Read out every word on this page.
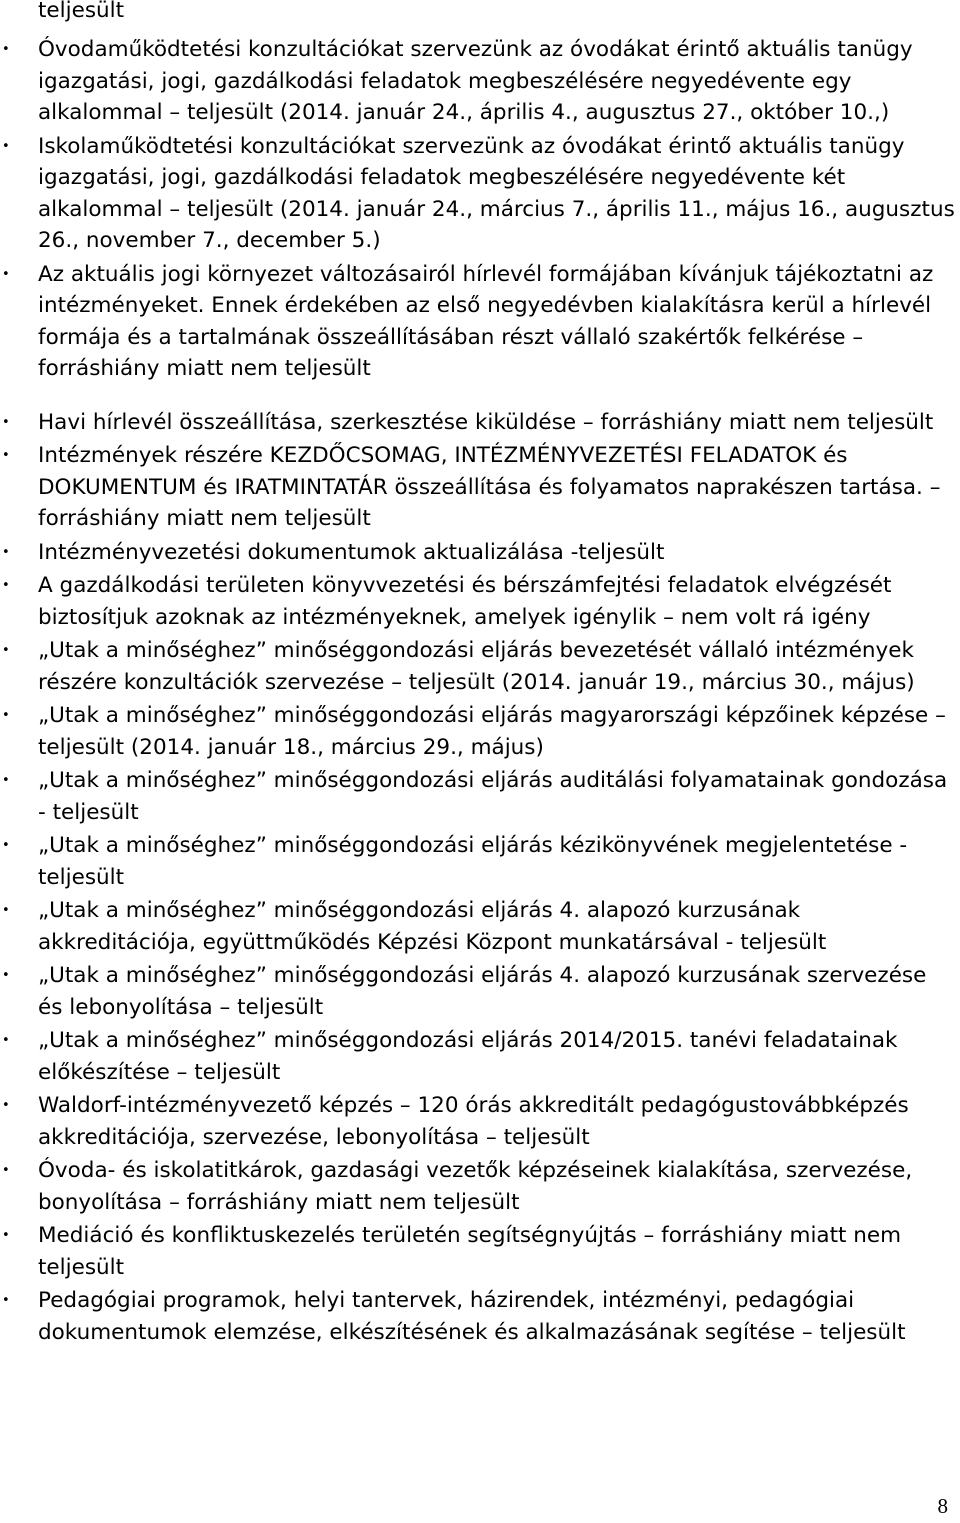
teljesült

• Óvodaműködtetési konzultációkat szervezünk az óvodákat érintő aktuális tanügy igazgatási, jogi, gazdálkodási feladatok megbeszélésére negyedévente egy alkalommal – teljesült (2014. január 24., április 4., augusztus 27., október 10.,)
• Iskolaműködtetési konzultációkat szervezünk az óvodákat érintő aktuális tanügy igazgatási, jogi, gazdálkodási feladatok megbeszélésére negyedévente két alkalommal – teljesült (2014. január 24., március 7., április 11., május 16., augusztus 26., november 7., december 5.)
• Az aktuális jogi környezet változásairól hírlevél formájában kívánjuk tájékoztatni az intézményeket. Ennek érdekében az első negyedévben kialakításra kerül a hírlevél formája és a tartalmának összeállításában részt vállaló szakértők felkérése – forráshiány miatt nem teljesült
• Havi hírlevél összeállítása, szerkesztése kiküldése – forráshiány miatt nem teljesült
• Intézmények részére KEZDŐCSOMAG, INTÉZMÉNYVEZETÉSI FELADATOK és DOKUMENTUM és IRATMINTATÁR összeállítása és folyamatos naprakészen tartása. – forráshiány miatt nem teljesült
• Intézményvezetési dokumentumok aktualizálása -teljesült
• A gazdálkodási területen könyvvezetési és bérszámfejtési feladatok elvégzését biztosítjuk azoknak az intézményeknek, amelyek igénylik – nem volt rá igény
• „Utak a minőséghez” minőséggondozási eljárás bevezetését vállaló intézmények részére konzultációk szervezése – teljesült (2014. január 19., március 30., május)
• „Utak a minőséghez” minőséggondozási eljárás magyarországi képzőinek képzése – teljesült (2014. január 18., március 29., május)
• „Utak a minőséghez” minőséggondozási eljárás auditálási folyamatainak gondozása - teljesült
• „Utak a minőséghez” minőséggondozási eljárás kézikönyvének megjelentetése - teljesült
• „Utak a minőséghez” minőséggondozási eljárás 4. alapozó kurzusának akkreditációja, együttműködés Képzési Központ munkatársával - teljesült
• „Utak a minőséghez” minőséggondozási eljárás 4. alapozó kurzusának szervezése és lebonyolítása – teljesült
• „Utak a minőséghez” minőséggondozási eljárás 2014/2015. tanévi feladatainak előkészítése – teljesült
• Waldorf-intézményvezető képzés – 120 órás akkreditált pedagógustovábbképzés akkreditációja, szervezése, lebonyolítása – teljesült
• Óvoda- és iskolatitkárok, gazdasági vezetők képzéseinek kialakítása, szervezése, bonyolítása – forráshiány miatt nem teljesült
• Mediáció és konfliktuskezelés területén segítségnyújtás – forráshiány miatt nem teljesült
• Pedagógiai programok, helyi tantervek, házirendek, intézményi, pedagógiai dokumentumok elemzése, elkészítésének és alkalmazásának segítése – teljesült
8
